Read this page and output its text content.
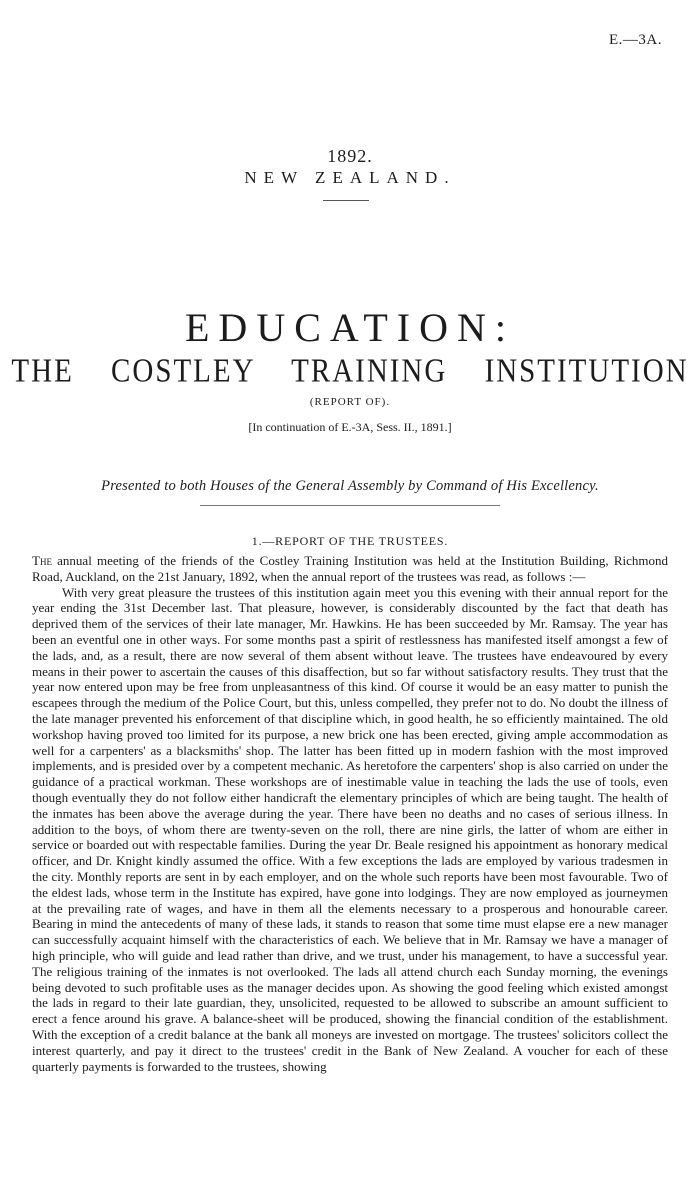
E.—3A.
1892.
NEW ZEALAND.
EDUCATION:
THE COSTLEY TRAINING INSTITUTION
(REPORT OF).
[In continuation of E.-3A, Sess. II., 1891.]
Presented to both Houses of the General Assembly by Command of His Excellency.
1.—REPORT OF THE TRUSTEES.

The annual meeting of the friends of the Costley Training Institution was held at the Institution Building, Richmond Road, Auckland, on the 21st January, 1892, when the annual report of the trustees was read, as follows :—

With very great pleasure the trustees of this institution again meet you this evening with their annual report for the year ending the 31st December last. That pleasure, however, is considerably discounted by the fact that death has deprived them of the services of their late manager, Mr. Hawkins. He has been succeeded by Mr. Ramsay. The year has been an eventful one in other ways. For some months past a spirit of restlessness has manifested itself amongst a few of the lads, and, as a result, there are now several of them absent without leave. The trustees have endeavoured by every means in their power to ascertain the causes of this disaffection, but so far without satisfactory results. They trust that the year now entered upon may be free from unpleasantness of this kind. Of course it would be an easy matter to punish the escapees through the medium of the Police Court, but this, unless compelled, they prefer not to do. No doubt the illness of the late manager prevented his enforcement of that discipline which, in good health, he so efficiently maintained. The old workshop having proved too limited for its purpose, a new brick one has been erected, giving ample accommodation as well for a carpenters' as a blacksmiths' shop. The latter has been fitted up in modern fashion with the most improved implements, and is presided over by a competent mechanic. As heretofore the carpenters' shop is also carried on under the guidance of a practical workman. These workshops are of inestimable value in teaching the lads the use of tools, even though eventually they do not follow either handicraft the elementary principles of which are being taught. The health of the inmates has been above the average during the year. There have been no deaths and no cases of serious illness. In addition to the boys, of whom there are twenty-seven on the roll, there are nine girls, the latter of whom are either in service or boarded out with respectable families. During the year Dr. Beale resigned his appointment as honorary medical officer, and Dr. Knight kindly assumed the office. With a few exceptions the lads are employed by various tradesmen in the city. Monthly reports are sent in by each employer, and on the whole such reports have been most favourable. Two of the eldest lads, whose term in the Institute has expired, have gone into lodgings. They are now employed as journeymen at the prevailing rate of wages, and have in them all the elements necessary to a prosperous and honourable career. Bearing in mind the antecedents of many of these lads, it stands to reason that some time must elapse ere a new manager can successfully acquaint himself with the characteristics of each. We believe that in Mr. Ramsay we have a manager of high principle, who will guide and lead rather than drive, and we trust, under his management, to have a successful year. The religious training of the inmates is not overlooked. The lads all attend church each Sunday morning, the evenings being devoted to such profitable uses as the manager decides upon. As showing the good feeling which existed amongst the lads in regard to their late guardian, they, unsolicited, requested to be allowed to subscribe an amount sufficient to erect a fence around his grave. A balance-sheet will be produced, showing the financial condition of the establishment. With the exception of a credit balance at the bank all moneys are invested on mortgage. The trustees' solicitors collect the interest quarterly, and pay it direct to the trustees' credit in the Bank of New Zealand. A voucher for each of these quarterly payments is forwarded to the trustees, showing
